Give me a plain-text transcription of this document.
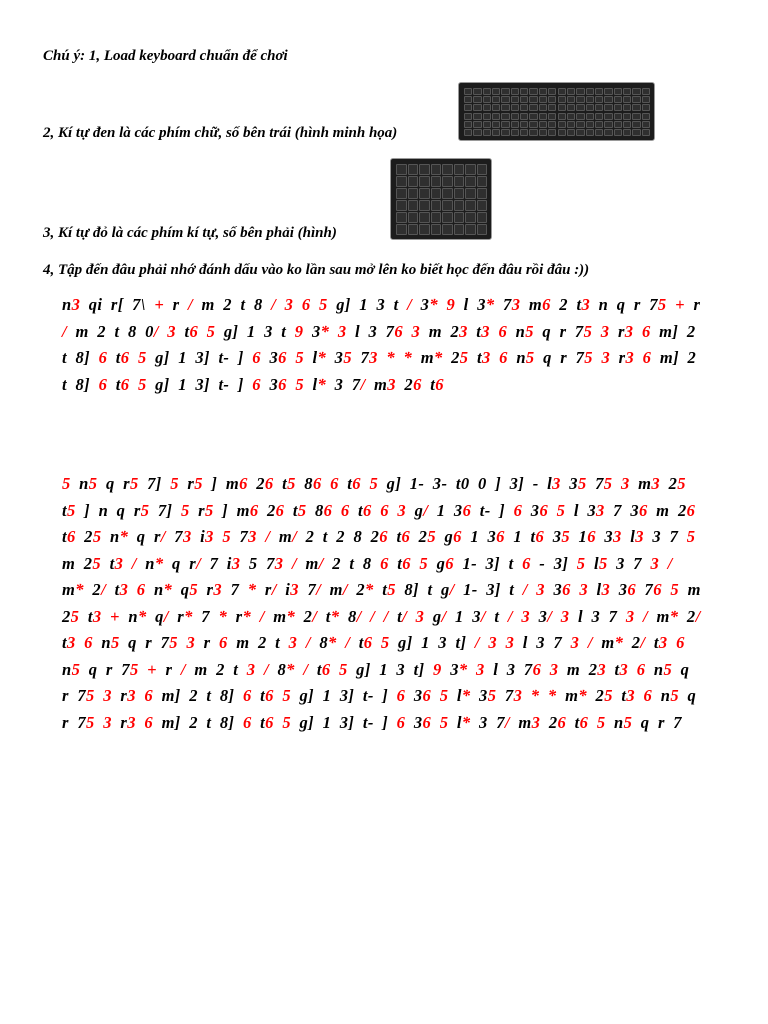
Chú ý: 1, Load keyboard chuẩn để chơi
2, Kí tự đen là các phím chữ, số bên trái (hình minh họa)
3, Kí tự đỏ là các phím kí tự, số bên phải (hình)
4, Tập đến đâu phải nhớ đánh dấu vào ko lần sau mở lên ko biết học đến đâu rồi đâu :))
n3 qi r[ 7\ + r / m 2 t 8 / 3 6 5 g] 1 3 t / 3* 9 l 3* 73 m6 2 t3 n q r 75 + r / m 2 t 8 0/ 3 t6 5 g] 1 3 t 9 3* 3 l 3 76 3 m 23 t3 6 n5 q r 75 3 r3 6 m] 2 t 8] 6 t6 5 g] 1 3] t- ] 6 36 5 l* 35 73 * * m* 25 t3 6 n5 q r 75 3 r3 6 m] 2 t 8] 6 t6 5 g] 1 3] t- ] 6 36 5 l* 3 7/ m3 26 t6
5 n5 q r5 7] 5 r5 ] m6 26 t5 86 6 t6 5 g] 1- 3- t0 0 ] 3] - l3 35 75 3 m3 25 t5 ] n q r5 7] 5 r5 ] m6 26 t5 86 6 t6 6 3 g/ 1 36 t- ] 6 36 5 l 33 7 36 m 26 t6 25 n* q r/ 73 i3 5 73 / m/ 2 t 2 8 26 t6 25 g6 1 36 1 t6 35 16 33 l3 3 7 5 m 25 t3 / n* q r/ 7 i3 5 73 / m/ 2 t 8 6 t6 5 g6 1- 3] t 6 - 3] 5 l5 3 7 3 / m* 2/ t3 6 n* q5 r3 7 * r/ i3 7/ m/ 2* t5 8] t g/ 1- 3] t / 3 36 3 l3 36 76 5 m 25 t3 + n* q/ r* 7 * r* / m* 2/ t* 8/ / / t/ 3 g/ 1 3/ t / 3 3/ 3 l 3 7 3 / m* 2/ t3 6 n5 q r 75 3 r 6 m 2 t 3 / 8* / t6 5 g] 1 3 t] / 3 3 l 3 7 3 / m* 2/ t3 6 n5 q r 75 + r / m 2 t 3 / 8* / t6 5 g] 1 3 t] 9 3* 3 l 3 76 3 m 23 t3 6 n5 q r 75 3 r3 6 m] 2 t 8] 6 t6 5 g] 1 3] t- ] 6 36 5 l* 35 73 * * m* 25 t3 6 n5 q r 75 3 r3 6 m] 2 t 8] 6 t6 5 g] 1 3] t- ] 6 36 5 l* 3 7/ m3 26 t6 5 n5 q r 7
